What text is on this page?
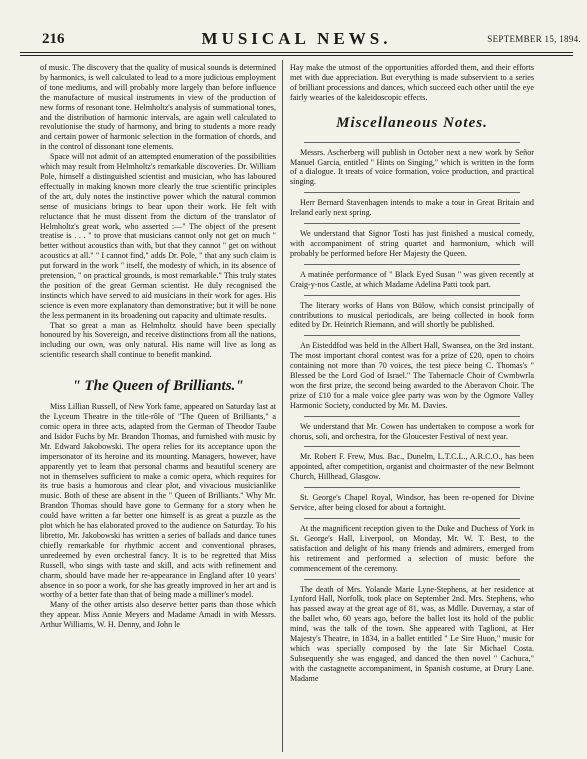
MUSICAL NEWS.
216	SEPTEMBER 15, 1894.

of music. The discovery that the quality of musical sounds is determined by harmonics, is well calculated to lead to a more judicious employment of tone mediums, and will probably more largely than before influence the manufacture of musical instruments in view of the production of new forms of resonant tone. Helmholtz's analysis of summational tones, and the distribution of harmonic intervals, are again well calculated to revolutionise the study of harmony, and bring to students a more ready and certain power of harmonic selection in the formation of chords, and in the control of dissonant tone elements.

Space will not admit of an attempted enumeration of the possibilities which may result from Helmholtz's remarkable discoveries. Dr. William Pole, himself a distinguished scientist and musician, who has laboured effectually in making known more clearly the true scientific principles of the art, duly notes the instinctive power which the natural common sense of musicians brings to bear upon their work. He felt with reluctance that he must dissent from the dictum of the translator of Helmholtz's great work, who asserted :—" The object of the present treatise is . . . " to prove that musicians cannot only not get on much " better without acoustics than with, but that they cannot " get on without acoustics at all." " I cannot find," adds Dr. Pole, " that any such claim is put forward in the work " itself, the modesty of which, in its absence of pretension, " on practical grounds, is most remarkable." This truly states the position of the great German scientist. He duly recognised the instincts which have served to aid musicians in their work for ages. His science is even more explanatory than demonstrative; but it will be none the less permanent in its broadening out capacity and ultimate results.

That so great a man as Helmholtz should have been specially honoured by his Sovereign, and receive distinctions from all the nations, including our own, was only natural. His name will live as long as scientific research shall continue to benefit mankind.

" The Queen of Brilliants."

Miss Lillian Russell, of New York fame, appeared on Saturday last at the Lyceum Theatre in the title-rôle of "The Queen of Brilliants," a comic opera in three acts, adapted from the German of Theodor Taube and Isidor Fuchs by Mr. Brandon Thomas, and furnished with music by Mr. Edward Jakobowski. The opera relies for its acceptance upon the impersonator of its heroine and its mounting. Managers, however, have apparently yet to learn that personal charms and beautiful scenery are not in themselves sufficient to make a comic opera, which requires for its true basis a humorous and clear plot, and vivacious musicianlike music. Both of these are absent in the " Queen of Brilliants." Why Mr. Brandon Thomas should have gone to Germany for a story when he could have written a far better one himself is as great a puzzle as the plot which he has elaborated proved to the audience on Saturday. To his libretto, Mr. Jakobowski has written a series of ballads and dance tunes chiefly remarkable for rhythmic accent and conventional phrases, unredeemed by even orchestral fancy. It is to be regretted that Miss Russell, who sings with taste and skill, and acts with refinement and charm, should have made her re-appearance in England after 10 years' absence in so poor a work, for she has greatly improved in her art and is worthy of a better fate than that of being made a milliner's model.

Many of the other artists also deserve better parts than those which they appear. Miss Annie Meyers and Madame Amadi in with Messrs. Arthur Williams, W. H. Denny, and John le

Hay make the utmost of the opportunities afforded them, and their efforts met with due appreciation. But everything is made subservient to a series of brilliant processions and dances, which succeed each other until the eye fairly wearies of the kaleidoscopic effects.

Miscellaneous Notes.

Messrs. Ascherberg will publish in October next a new work by Señor Manuel Garcia, entitled " Hints on Singing," which is written in the form of a dialogue. It treats of voice formation, voice production, and practical singing.

Herr Bernard Stavenhagen intends to make a tour in Great Britain and Ireland early next spring.

We understand that Signor Tosti has just finished a musical comedy, with accompaniment of string quartet and harmonium, which will probably be performed before Her Majesty the Queen.

A matinée performance of " Black Eyed Susan " was given recently at Craig-y-nos Castle, at which Madame Adelina Patti took part.

The literary works of Hans von Bülow, which consist principally of contributions to musical periodicals, are being collected in book form edited by Dr. Heinrich Riemann, and will shortly be published.

An Eisteddfod was held in the Albert Hall, Swansea, on the 3rd instant. The most important choral contest was for a prize of £20, open to choirs containing not more than 70 voices, the test piece being C. Thomas's " Blessed be the Lord God of Israel." The Tabernacle Choir of Cwmbwrla won the first prize, the second being awarded to the Aberavon Choir. The prize of £10 for a male voice glee party was won by the Ogmore Valley Harmonic Society, conducted by Mr. M. Davies.

We understand that Mr. Cowen has undertaken to compose a work for chorus, soli, and orchestra, for the Gloucester Festival of next year.

Mr. Robert F. Frew, Mus. Bac., Dunelm, L.T.C.L., A.R.C.O., has been appointed, after competition, organist and choirmaster of the new Belmont Church, Hillhead, Glasgow.

St. George's Chapel Royal, Windsor, has been re-opened for Divine Service, after being closed for about a fortnight.

At the magnificent reception given to the Duke and Duchess of York in St. George's Hall, Liverpool, on Monday, Mr. W. T. Best, to the satisfaction and delight of his many friends and admirers, emerged from his retirement and performed a selection of music before the commencement of the ceremony.

The death of Mrs. Yolande Marie Lyne-Stephens, at her residence at Lynford Hall, Norfolk, took place on September 2nd. Mrs. Stephens, who has passed away at the great age of 81, was, as Mdlle. Duvernay, a star of the ballet who, 60 years ago, before the ballet lost its hold of the public mind, was the talk of the town. She appeared with Taglioni, at Her Majesty's Theatre, in 1834, in a ballet entitled " Le Sire Huon," music for which was specially composed by the late Sir Michael Costa. Subsequently she was engaged, and danced the then novel " Cachuca," with the castagnette accompaniment, in Spanish costume, at Drury Lane. Madame
